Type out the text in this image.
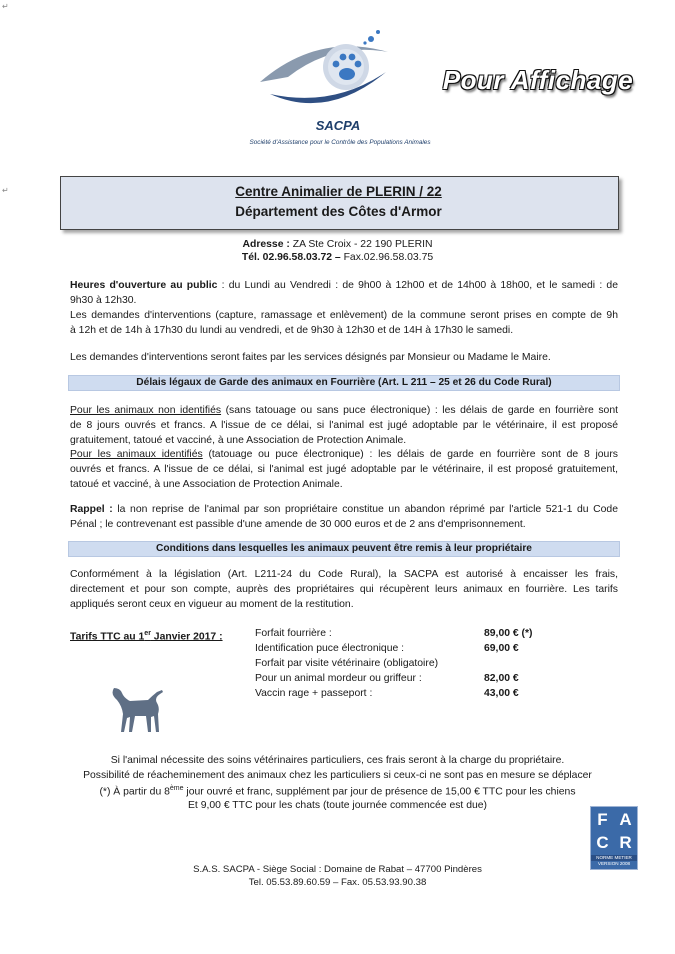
↵
↵
SACPA
Société d'Assistance pour le Contrôle des Populations Animales
Pour Affichage
Centre Animalier de PLERIN / 22
Département des Côtes d'Armor
Adresse : ZA Ste Croix - 22 190 PLERIN
Tél. 02.96.58.03.72 – Fax.02.96.58.03.75

Heures d'ouverture au public : du Lundi au Vendredi : de 9h00 à 12h00 et de 14h00 à 18h00, et le samedi : de

9h30 à 12h30.

Les demandes d'interventions (capture, ramassage et enlèvement) de la commune seront prises en compte de 9h

à 12h et de 14h à 17h30 du lundi au vendredi, et de 9h30 à 12h30 et de 14H à 17h30 le samedi.

Les demandes d'interventions seront faites par les services désignés par Monsieur ou Madame le Maire.

Délais légaux de Garde des animaux en Fourrière (Art. L 211 – 25 et 26 du Code Rural)

Pour les animaux non identifiés (sans tatouage ou sans puce électronique) : les délais de garde en fourrière sont

de 8 jours ouvrés et francs. A l'issue de ce délai, si l'animal est jugé adoptable par le vétérinaire, il est proposé

gratuitement, tatoué et vacciné, à une Association de Protection Animale.

Pour les animaux identifiés (tatouage ou puce électronique) : les délais de garde en fourrière sont de 8 jours

ouvrés et francs. A l'issue de ce délai, si l'animal est jugé adoptable par le vétérinaire, il est proposé gratuitement,

tatoué et vacciné, à une Association de Protection Animale.

Rappel : la non reprise de l'animal par son propriétaire constitue un abandon réprimé par l'article 521-1 du Code

Pénal ; le contrevenant est passible d'une amende de 30 000 euros et de 2 ans d'emprisonnement.

Conditions dans lesquelles les animaux peuvent être remis à leur propriétaire

Conformément à la législation (Art. L211-24 du Code Rural), la SACPA est autorisé à encaisser les frais,

directement et pour son compte, auprès des propriétaires qui récupèrent leurs animaux en fourrière. Les tarifs

appliqués seront ceux en vigueur au moment de la restitution.

Tarifs TTC au 1er Janvier 2017 :	Forfait fourrière :	89,00 € (*)
Identification puce électronique :	69,00 €
Forfait par visite vétérinaire (obligatoire)
Pour un animal mordeur ou griffeur :	82,00 €
Vaccin rage + passeport :	43,00 €
Si l'animal nécessite des soins vétérinaires particuliers, ces frais seront à la charge du propriétaire.
Possibilité de réacheminement des animaux chez les particuliers si ceux-ci ne sont pas en mesure se déplacer
(*) À partir du 8ème jour ouvré et franc, supplément par jour de présence de 15,00 € TTC pour les chiens
Et 9,00 € TTC pour les chats (toute journée commencée est due)
F A
C R
NORME METIER
VERSION 2008
S.A.S. SACPA - Siège Social : Domaine de Rabat – 47700 Pindères
Tel. 05.53.89.60.59 – Fax. 05.53.93.90.38
